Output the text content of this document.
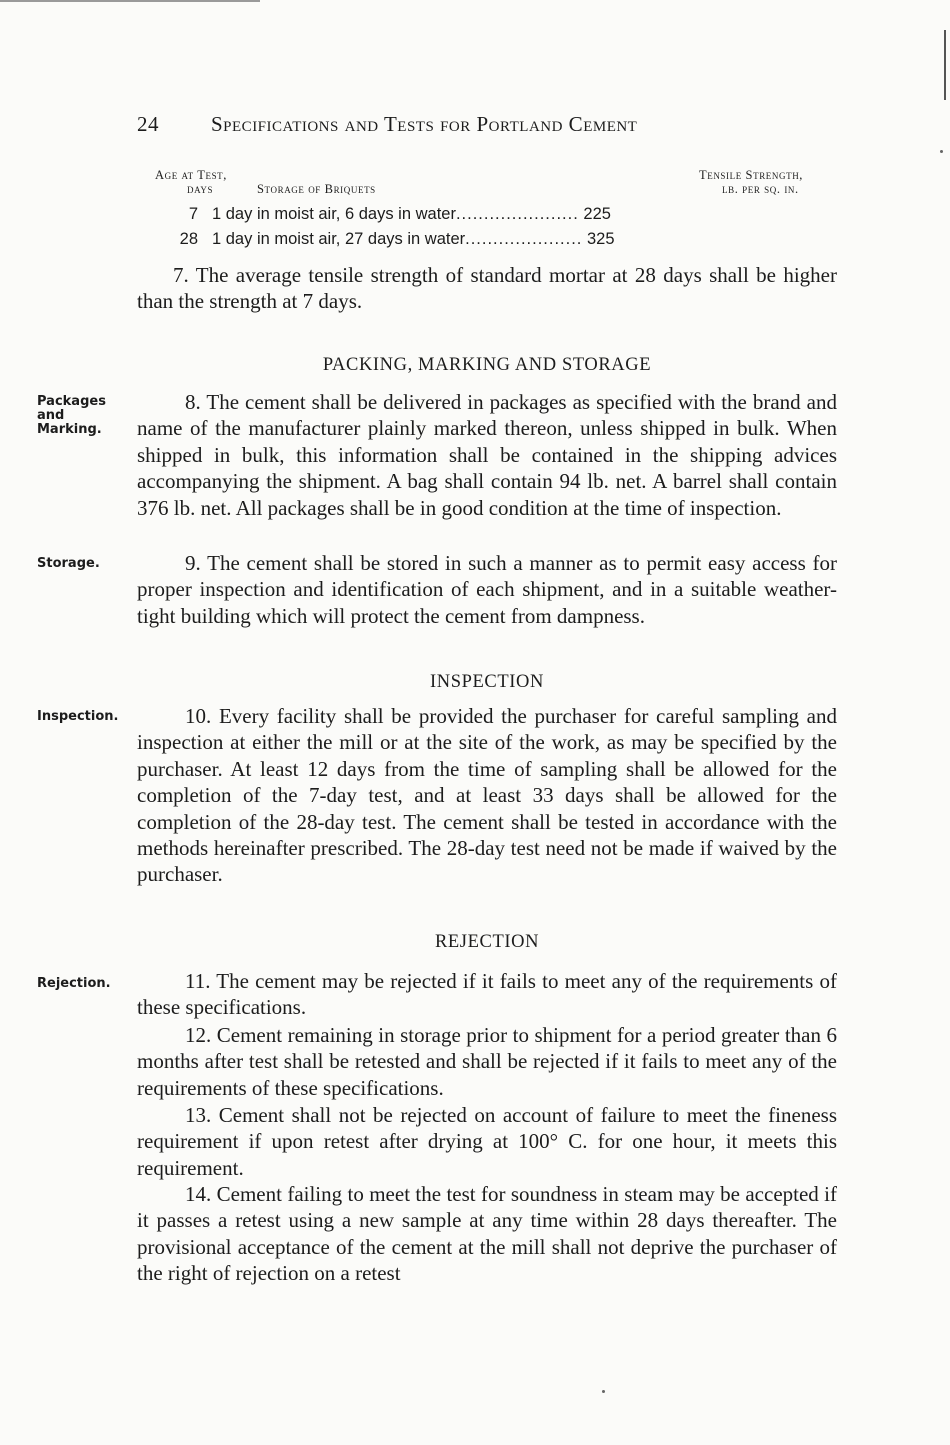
24 Specifications and Tests for Portland Cement
Age at Test,
days	Storage of Briquets
Tensile Strength,
lb. per sq. in.
7 1 day in moist air, 6 days in water...................... 225
28 1 day in moist air, 27 days in water..................... 325

7. The average tensile strength of standard mortar at 28 days shall be higher than the strength at 7 days.

PACKING, MARKING AND STORAGE
Packages
and
Marking.

8. The cement shall be delivered in packages as specified with the brand and name of the manufacturer plainly marked thereon, unless shipped in bulk. When shipped in bulk, this information shall be contained in the shipping advices accompanying the shipment. A bag shall contain 94 lb. net. A barrel shall contain 376 lb. net. All packages shall be in good condition at the time of inspection.

Storage.	9. The cement shall be stored in such a manner as to permit easy access for proper inspection and identification of each shipment, and in a suitable weather-tight building which will protect the cement from dampness.

INSPECTION
Inspection.	10. Every facility shall be provided the purchaser for careful sampling and inspection at either the mill or at the site of the work, as may be specified by the purchaser. At least 12 days from the time of sampling shall be allowed for the completion of the 7-day test, and at least 33 days shall be allowed for the completion of the 28-day test. The cement shall be tested in accordance with the methods hereinafter prescribed. The 28-day test need not be made if waived by the purchaser.

REJECTION
Rejection.	11. The cement may be rejected if it fails to meet any of the requirements of these specifications.

12. Cement remaining in storage prior to shipment for a period greater than 6 months after test shall be retested and shall be rejected if it fails to meet any of the requirements of these specifications.

13. Cement shall not be rejected on account of failure to meet the fineness requirement if upon retest after drying at 100° C. for one hour, it meets this requirement.

14. Cement failing to meet the test for soundness in steam may be accepted if it passes a retest using a new sample at any time within 28 days thereafter. The provisional acceptance of the cement at the mill shall not deprive the purchaser of the right of rejection on a retest
